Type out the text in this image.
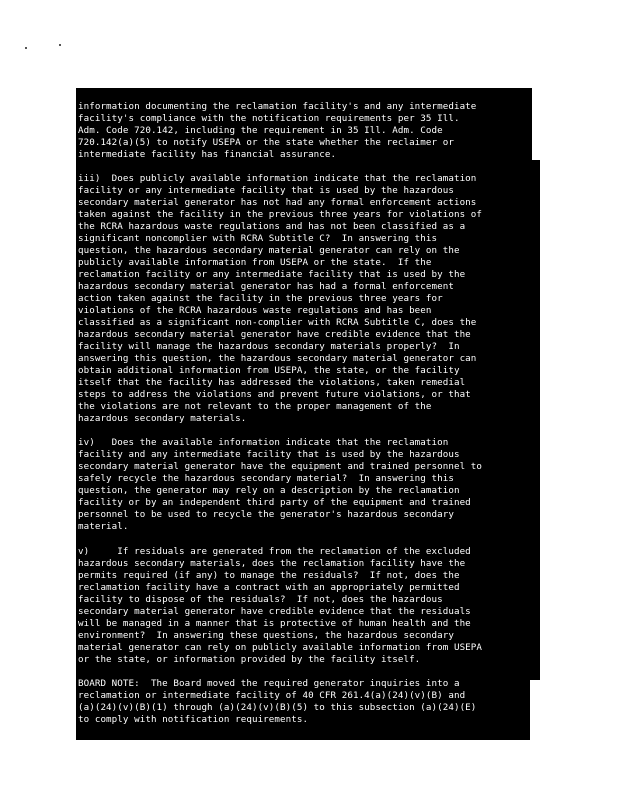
information documenting the reclamation facility's and any intermediate
facility's compliance with the notification requirements per 35 Ill.
Adm. Code 720.142, including the requirement in 35 Ill. Adm. Code
720.142(a)(5) to notify USEPA or the state whether the reclaimer or
intermediate facility has financial assurance.

iii)  Does publicly available information indicate that the reclamation
facility or any intermediate facility that is used by the hazardous
secondary material generator has not had any formal enforcement actions
taken against the facility in the previous three years for violations of
the RCRA hazardous waste regulations and has not been classified as a
significant noncomplier with RCRA Subtitle C?  In answering this
question, the hazardous secondary material generator can rely on the
publicly available information from USEPA or the state.  If the
reclamation facility or any intermediate facility that is used by the
hazardous secondary material generator has had a formal enforcement
action taken against the facility in the previous three years for
violations of the RCRA hazardous waste regulations and has been
classified as a significant non-complier with RCRA Subtitle C, does the
hazardous secondary material generator have credible evidence that the
facility will manage the hazardous secondary materials properly?  In
answering this question, the hazardous secondary material generator can
obtain additional information from USEPA, the state, or the facility
itself that the facility has addressed the violations, taken remedial
steps to address the violations and prevent future violations, or that
the violations are not relevant to the proper management of the
hazardous secondary materials.

iv)   Does the available information indicate that the reclamation
facility and any intermediate facility that is used by the hazardous
secondary material generator have the equipment and trained personnel to
safely recycle the hazardous secondary material?  In answering this
question, the generator may rely on a description by the reclamation
facility or by an independent third party of the equipment and trained
personnel to be used to recycle the generator's hazardous secondary
material.

v)     If residuals are generated from the reclamation of the excluded
hazardous secondary materials, does the reclamation facility have the
permits required (if any) to manage the residuals?  If not, does the
reclamation facility have a contract with an appropriately permitted
facility to dispose of the residuals?  If not, does the hazardous
secondary material generator have credible evidence that the residuals
will be managed in a manner that is protective of human health and the
environment?  In answering these questions, the hazardous secondary
material generator can rely on publicly available information from USEPA
or the state, or information provided by the facility itself.

BOARD NOTE:  The Board moved the required generator inquiries into a
reclamation or intermediate facility of 40 CFR 261.4(a)(24)(v)(B) and
(a)(24)(v)(B)(1) through (a)(24)(v)(B)(5) to this subsection (a)(24)(E)
to comply with notification requirements.
